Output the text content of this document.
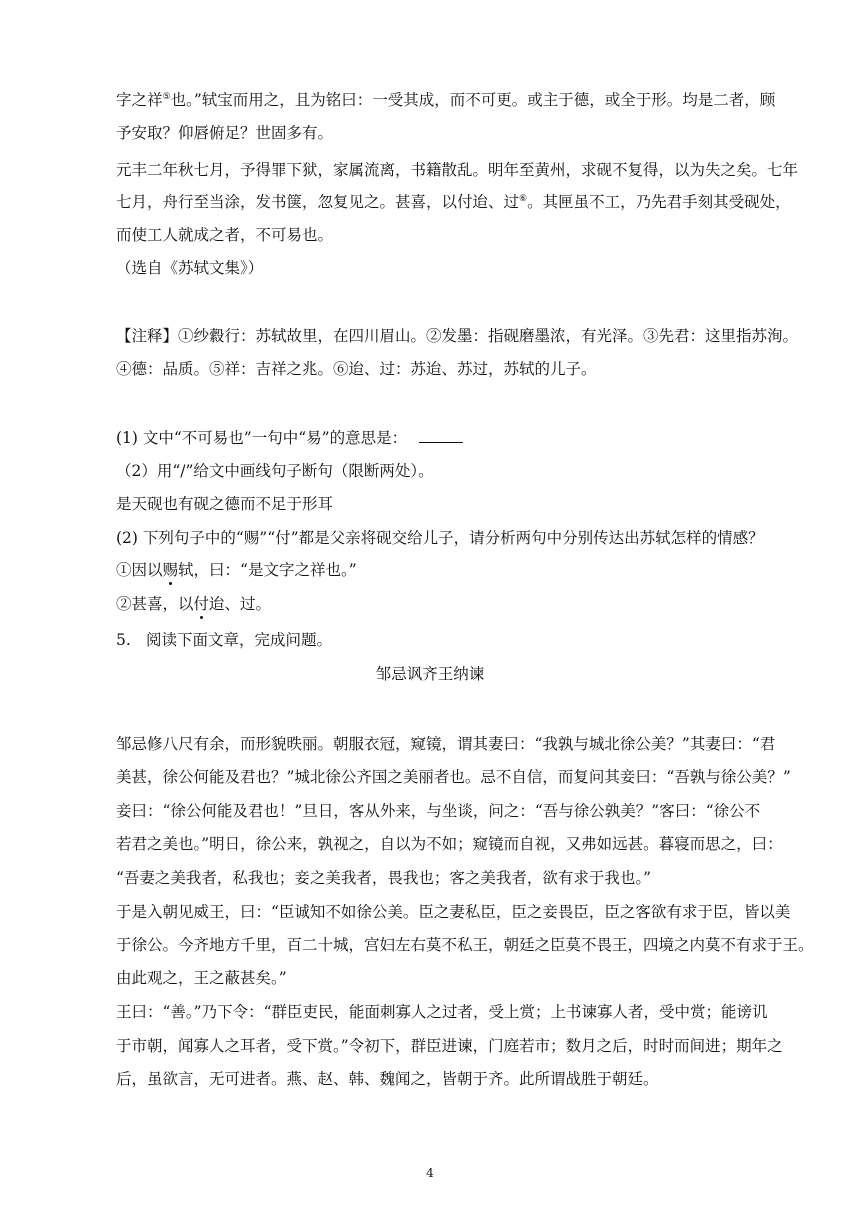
字之祥⑤也。”轼宝而用之，且为铭曰：一受其成，而不可更。或主于德，或全于形。均是二者，顾
予安取？仰唇俯足？世固多有。
元丰二年秋七月，予得罪下狱，家属流离，书籍散乱。明年至黄州，求砚不复得，以为失之矣。七年
七月，舟行至当涂，发书箧，忽复见之。甚喜，以付迨、过⑥。其匣虽不工，乃先君手刻其受砚处，
而使工人就成之者，不可易也。
（选自《苏轼文集》）
【注释】①纱縠行：苏轼故里，在四川眉山。②发墨：指砚磨墨浓，有光泽。③先君：这里指苏洵。
④德：品质。⑤祥：吉祥之兆。⑥迨、过：苏迨、苏过，苏轼的儿子。
(1) 文中“不可易也”一句中“易”的意思是：
（2）用“/”给文中画线句子断句（限断两处）。
是天砚也有砚之德而不足于形耳
(2) 下列句子中的“赐”“付”都是父亲将砚交给儿子，请分析两句中分别传达出苏轼怎样的情感？
①因以赐轼，曰：“是文字之祥也。”
②甚喜，以付迨、过。
5. 阅读下面文章，完成问题。
邹忌讽齐王纳谏
邹忌修八尺有余，而形貌昳丽。朝服衣冠，窥镜，谓其妻曰：“我孰与城北徐公美？”其妻曰：“君
美甚，徐公何能及君也？”城北徐公齐国之美丽者也。忌不自信，而复问其妾曰：“吾孰与徐公美？”
妾曰：“徐公何能及君也！”旦日，客从外来，与坐谈，问之：“吾与徐公孰美？”客曰：“徐公不
若君之美也。”明日，徐公来，孰视之，自以为不如；窥镜而自视，又弗如远甚。暮寝而思之，曰：
“吾妻之美我者，私我也；妾之美我者，畏我也；客之美我者，欲有求于我也。”
于是入朝见威王，曰：“臣诚知不如徐公美。臣之妻私臣，臣之妾畏臣，臣之客欲有求于臣，皆以美
于徐公。今齐地方千里，百二十城，宫妇左右莫不私王，朝廷之臣莫不畏王，四境之内莫不有求于王。
由此观之，王之蔽甚矣。”
王曰：“善。”乃下令：“群臣吏民，能面刺寡人之过者，受上赏；上书谏寡人者，受中赏；能谤讥
于市朝，闻寡人之耳者，受下赏。”令初下，群臣进谏，门庭若市；数月之后，时时而间进；期年之
后，虽欲言，无可进者。燕、赵、韩、魏闻之，皆朝于齐。此所谓战胜于朝廷。
4
